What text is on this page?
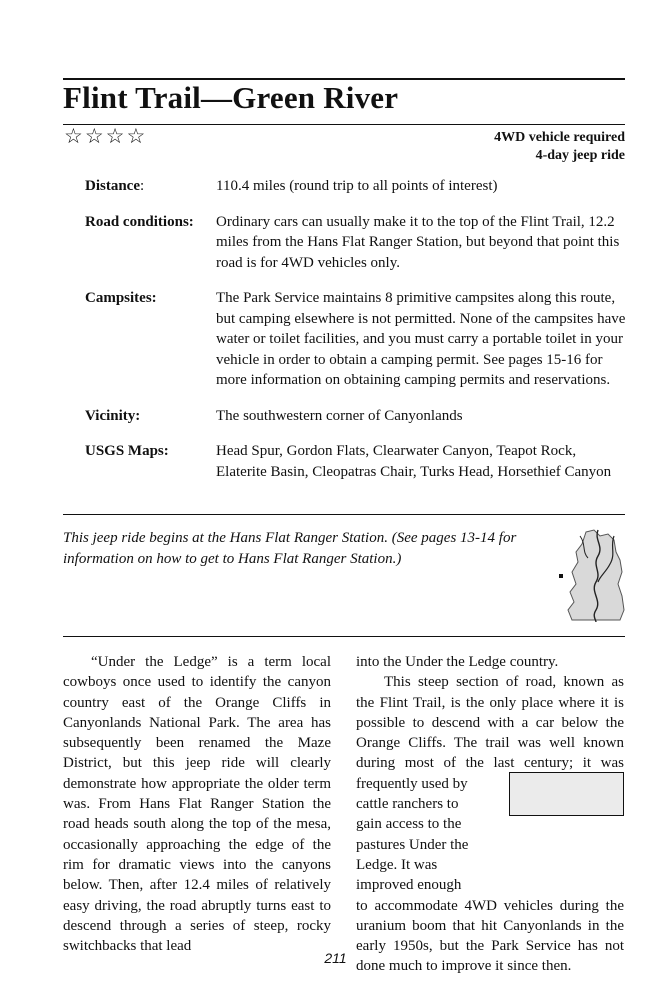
Flint Trail—Green River
☆☆☆☆	4WD vehicle required
4-day jeep ride
Distance:	110.4 miles (round trip to all points of interest)
Road conditions:	Ordinary cars can usually make it to the top of the Flint Trail, 12.2 miles from the Hans Flat Ranger Station, but beyond that point this road is for 4WD vehicles only.
Campsites:	The Park Service maintains 8 primitive campsites along this route, but camping elsewhere is not permitted. None of the campsites have water or toilet facilities, and you must carry a portable toilet in your vehicle in order to obtain a camping permit. See pages 15-16 for more information on obtaining camping permits and reservations.
Vicinity:	The southwestern corner of Canyonlands
USGS Maps:	Head Spur, Gordon Flats, Clearwater Canyon, Teapot Rock, Elaterite Basin, Cleopatras Chair, Turks Head, Horsethief Canyon
This jeep ride begins at the Hans Flat Ranger Station. (See pages 13-14 for information on how to get to Hans Flat Ranger Station.)

“Under the Ledge” is a term local cowboys once used to identify the canyon country east of the Orange Cliffs in Canyonlands National Park. The area has subsequently been renamed the Maze District, but this jeep ride will clearly demonstrate how appropriate the older term was. From Hans Flat Ranger Station the road heads south along the top of the mesa, occasionally approaching the edge of the rim for dramatic views into the canyons below. Then, after 12.4 miles of relatively easy driving, the road abruptly turns east to descend through a series of steep, rocky switchbacks that lead

into the Under the Ledge country.

This steep section of road, known as the Flint Trail, is the only place where it is possible to descend with a car below the Orange Cliffs. The trail was well known during most of the last century; it was frequently used by

cattle ranchers to gain access to the pastures Under the Ledge. It was improved enough

to accommodate 4WD vehicles during the uranium boom that hit Canyonlands in the early 1950s, but the Park Service has not done much to improve it since then.

211
